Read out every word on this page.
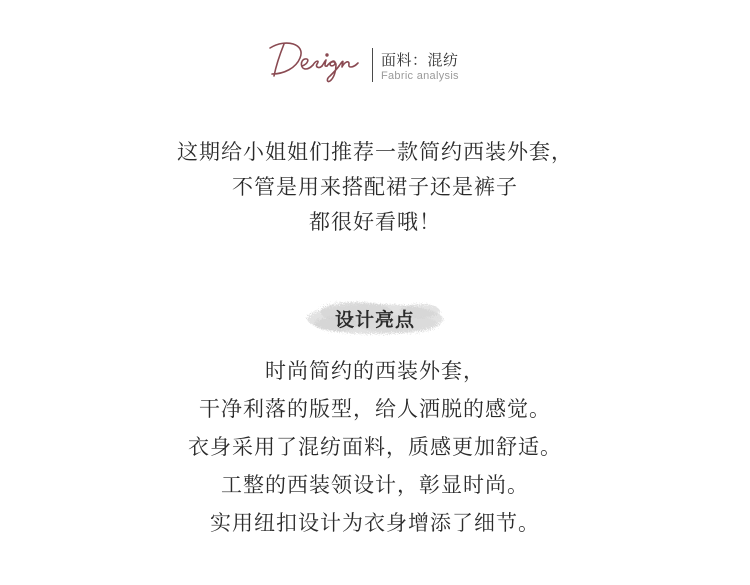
面料：混纺
Fabric analysis

这期给小姐姐们推荐一款简约西装外套，

不管是用来搭配裙子还是裤子

都很好看哦！

设计亮点

时尚简约的西装外套，

干净利落的版型，给人洒脱的感觉。

衣身采用了混纺面料，质感更加舒适。

工整的西装领设计，彰显时尚。

实用纽扣设计为衣身增添了细节。
